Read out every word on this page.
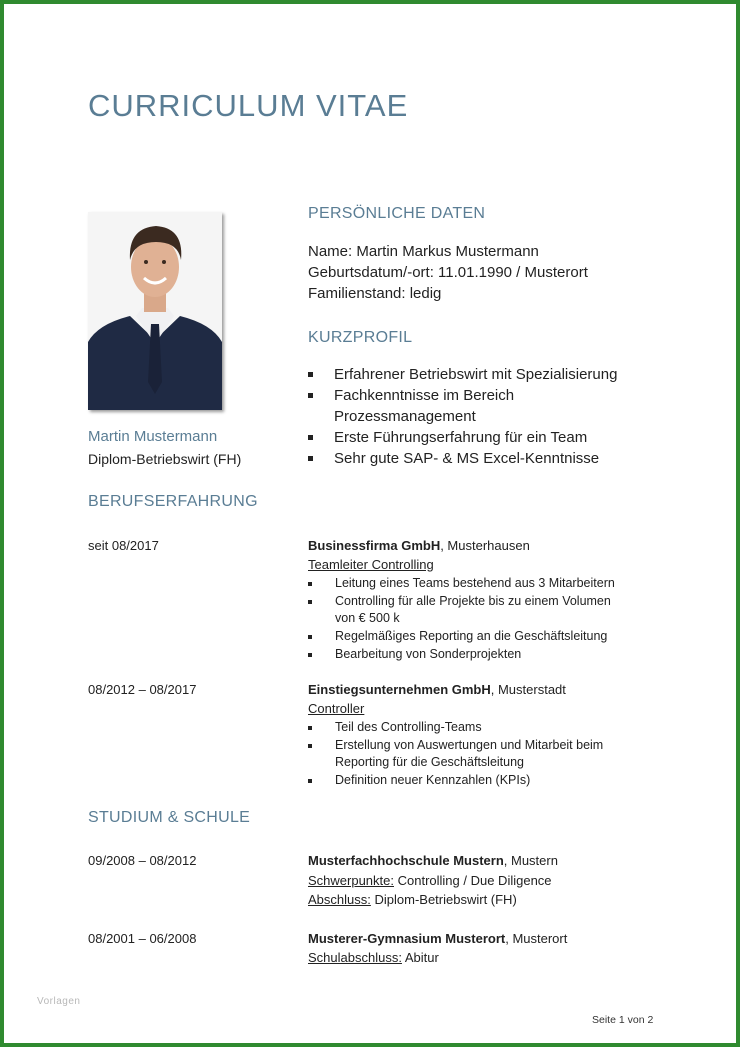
CURRICULUM VITAE
Martin Mustermann
Diplom-Betriebswirt (FH)
PERSÖNLICHE DATEN
Name: Martin Markus Mustermann
Geburtsdatum/-ort: 11.01.1990 / Musterort
Familienstand: ledig
KURZPROFIL
Erfahrener Betriebswirt mit Spezialisierung
Fachkenntnisse im Bereich
Prozessmanagement
Erste Führungserfahrung für ein Team
Sehr gute SAP- & MS Excel-Kenntnisse
BERUFSERFAHRUNG
seit 08/2017	Businessfirma GmbH, Musterhausen
Teamleiter Controlling
Leitung eines Teams bestehend aus 3 Mitarbeitern
Controlling für alle Projekte bis zu einem Volumen
von € 500 k
Regelmäßiges Reporting an die Geschäftsleitung
Bearbeitung von Sonderprojekten
08/2012 – 08/2017	Einstiegsunternehmen GmbH, Musterstadt
Controller
Teil des Controlling-Teams
Erstellung von Auswertungen und Mitarbeit beim
Reporting für die Geschäftsleitung
Definition neuer Kennzahlen (KPIs)
STUDIUM & SCHULE
09/2008 – 08/2012	Musterfachhochschule Mustern, Mustern
Schwerpunkte: Controlling / Due Diligence
Abschluss: Diplom-Betriebswirt (FH)
08/2001 – 06/2008	Musterer-Gymnasium Musterort, Musterort
Schulabschluss: Abitur
Vorlagen
Seite 1 von 2
